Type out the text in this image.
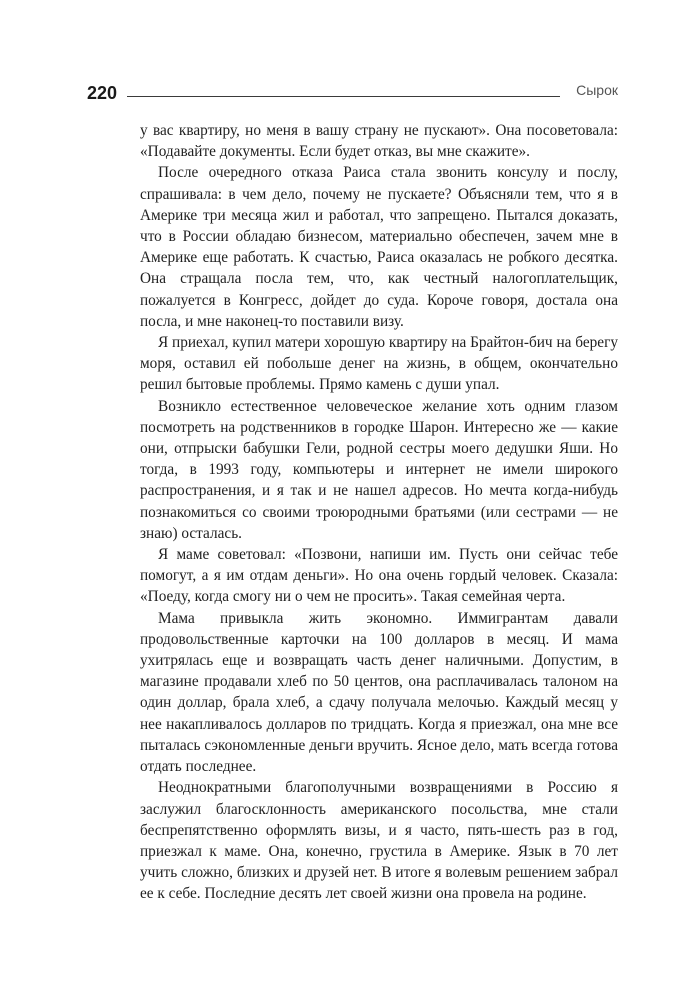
220	Сырок

у вас квартиру, но меня в вашу страну не пускают». Она посоветовала: «Подавайте документы. Если будет отказ, вы мне скажите».

После очередного отказа Раиса стала звонить консулу и послу, спрашивала: в чем дело, почему не пускаете? Объясняли тем, что я в Америке три месяца жил и работал, что запрещено. Пытался доказать, что в России обладаю бизнесом, материально обеспечен, зачем мне в Америке еще работать. К счастью, Раиса оказалась не робкого десятка. Она стращала посла тем, что, как честный налогоплательщик, пожалуется в Конгресс, дойдет до суда. Короче говоря, достала она посла, и мне наконец-то поставили визу.

Я приехал, купил матери хорошую квартиру на Брайтон-бич на берегу моря, оставил ей побольше денег на жизнь, в общем, окончательно решил бытовые проблемы. Прямо камень с души упал.

Возникло естественное человеческое желание хоть одним глазом посмотреть на родственников в городке Шарон. Интересно же — какие они, отпрыски бабушки Гели, родной сестры моего дедушки Яши. Но тогда, в 1993 году, компьютеры и интернет не имели широкого распространения, и я так и не нашел адресов. Но мечта когда-нибудь познакомиться со своими троюродными братьями (или сестрами — не знаю) осталась.

Я маме советовал: «Позвони, напиши им. Пусть они сейчас тебе помогут, а я им отдам деньги». Но она очень гордый человек. Сказала: «Поеду, когда смогу ни о чем не просить». Такая семейная черта.

Мама привыкла жить экономно. Иммигрантам давали продовольственные карточки на 100 долларов в месяц. И мама ухитрялась еще и возвращать часть денег наличными. Допустим, в магазине продавали хлеб по 50 центов, она расплачивалась талоном на один доллар, брала хлеб, а сдачу получала мелочью. Каждый месяц у нее накапливалось долларов по тридцать. Когда я приезжал, она мне все пыталась сэкономленные деньги вручить. Ясное дело, мать всегда готова отдать последнее.

Неоднократными благополучными возвращениями в Россию я заслужил благосклонность американского посольства, мне стали беспрепятственно оформлять визы, и я часто, пять-шесть раз в год, приезжал к маме. Она, конечно, грустила в Америке. Язык в 70 лет учить сложно, близких и друзей нет. В итоге я волевым решением забрал ее к себе. Последние десять лет своей жизни она провела на родине.
